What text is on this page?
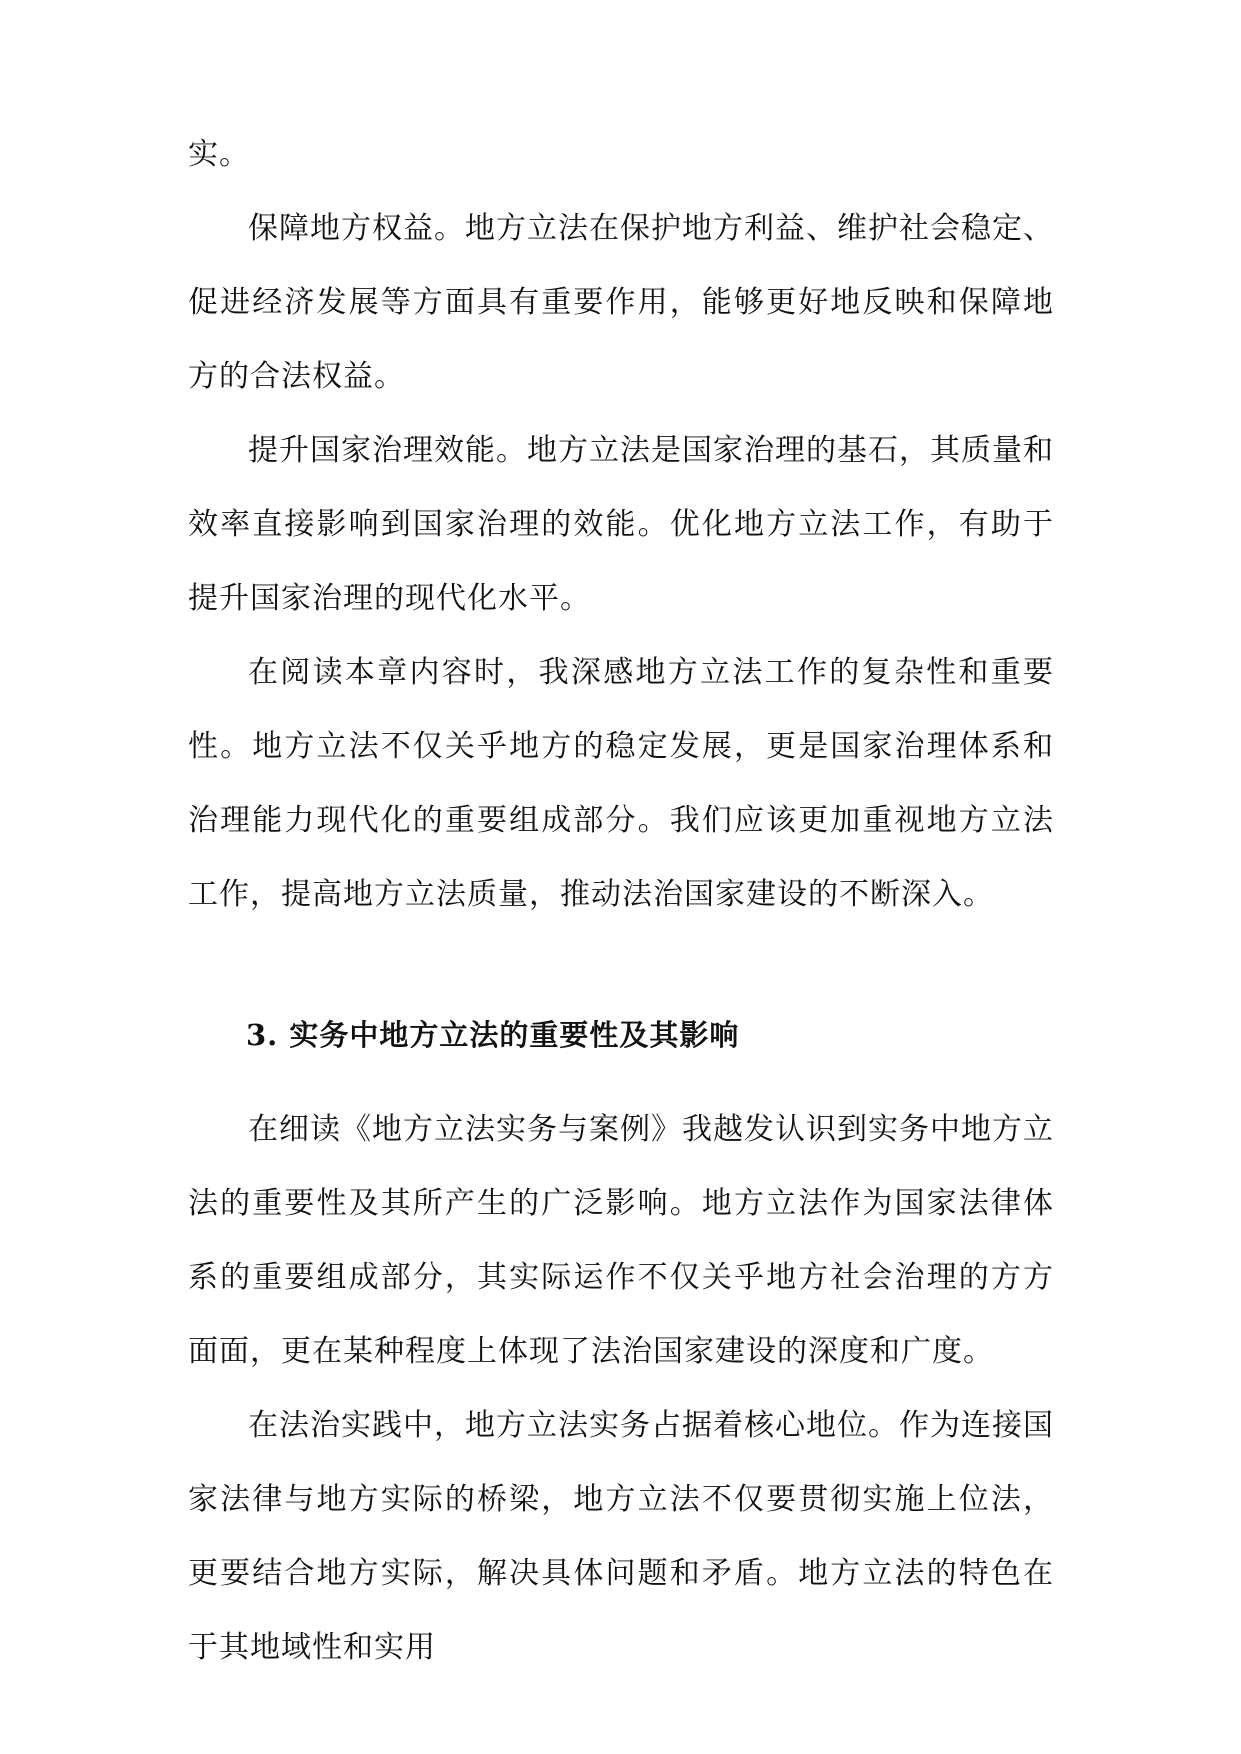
实。

保障地方权益。地方立法在保护地方利益、维护社会稳定、促进经济发展等方面具有重要作用，能够更好地反映和保障地方的合法权益。

提升国家治理效能。地方立法是国家治理的基石，其质量和效率直接影响到国家治理的效能。优化地方立法工作，有助于提升国家治理的现代化水平。

在阅读本章内容时，我深感地方立法工作的复杂性和重要性。地方立法不仅关乎地方的稳定发展，更是国家治理体系和治理能力现代化的重要组成部分。我们应该更加重视地方立法工作，提高地方立法质量，推动法治国家建设的不断深入。

3. 实务中地方立法的重要性及其影响

在细读《地方立法实务与案例》我越发认识到实务中地方立法的重要性及其所产生的广泛影响。地方立法作为国家法律体系的重要组成部分，其实际运作不仅关乎地方社会治理的方方面面，更在某种程度上体现了法治国家建设的深度和广度。

在法治实践中，地方立法实务占据着核心地位。作为连接国家法律与地方实际的桥梁，地方立法不仅要贯彻实施上位法，更要结合地方实际，解决具体问题和矛盾。地方立法的特色在于其地域性和实用
